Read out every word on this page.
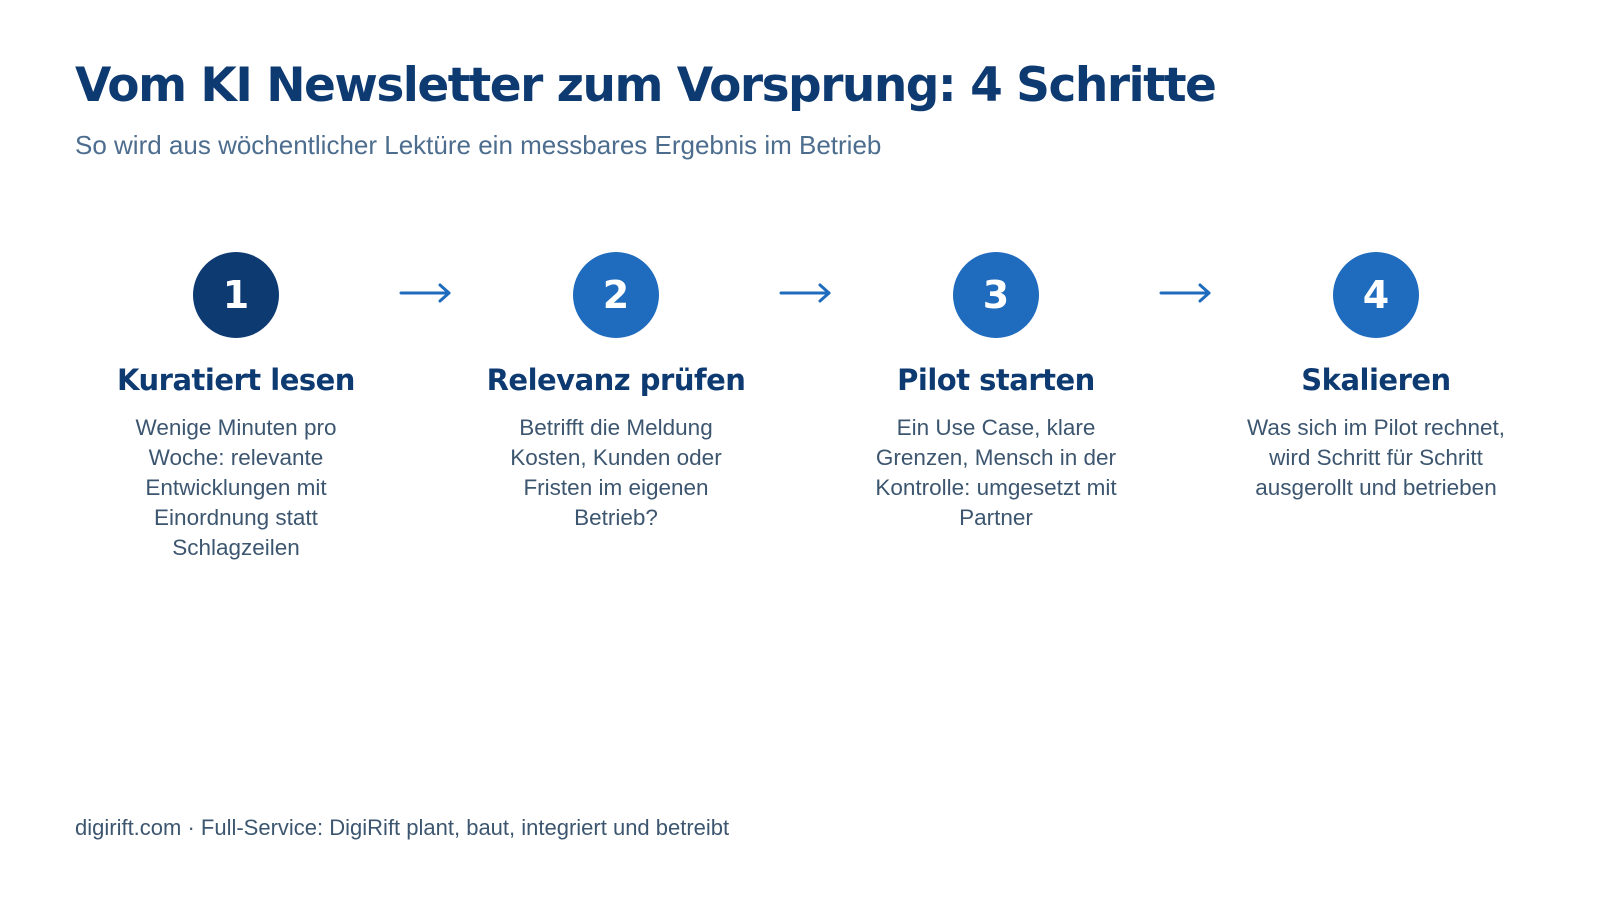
Vom KI Newsletter zum Vorsprung: 4 Schritte
So wird aus wöchentlicher Lektüre ein messbares Ergebnis im Betrieb
1
Kuratiert lesen
Wenige Minuten pro
Woche: relevante
Entwicklungen mit
Einordnung statt
Schlagzeilen
2
Relevanz prüfen
Betrifft die Meldung
Kosten, Kunden oder
Fristen im eigenen
Betrieb?
3
Pilot starten
Ein Use Case, klare
Grenzen, Mensch in der
Kontrolle: umgesetzt mit
Partner
4
Skalieren
Was sich im Pilot rechnet,
wird Schritt für Schritt
ausgerollt und betrieben
digirift.com · Full-Service: DigiRift plant, baut, integriert und betreibt
